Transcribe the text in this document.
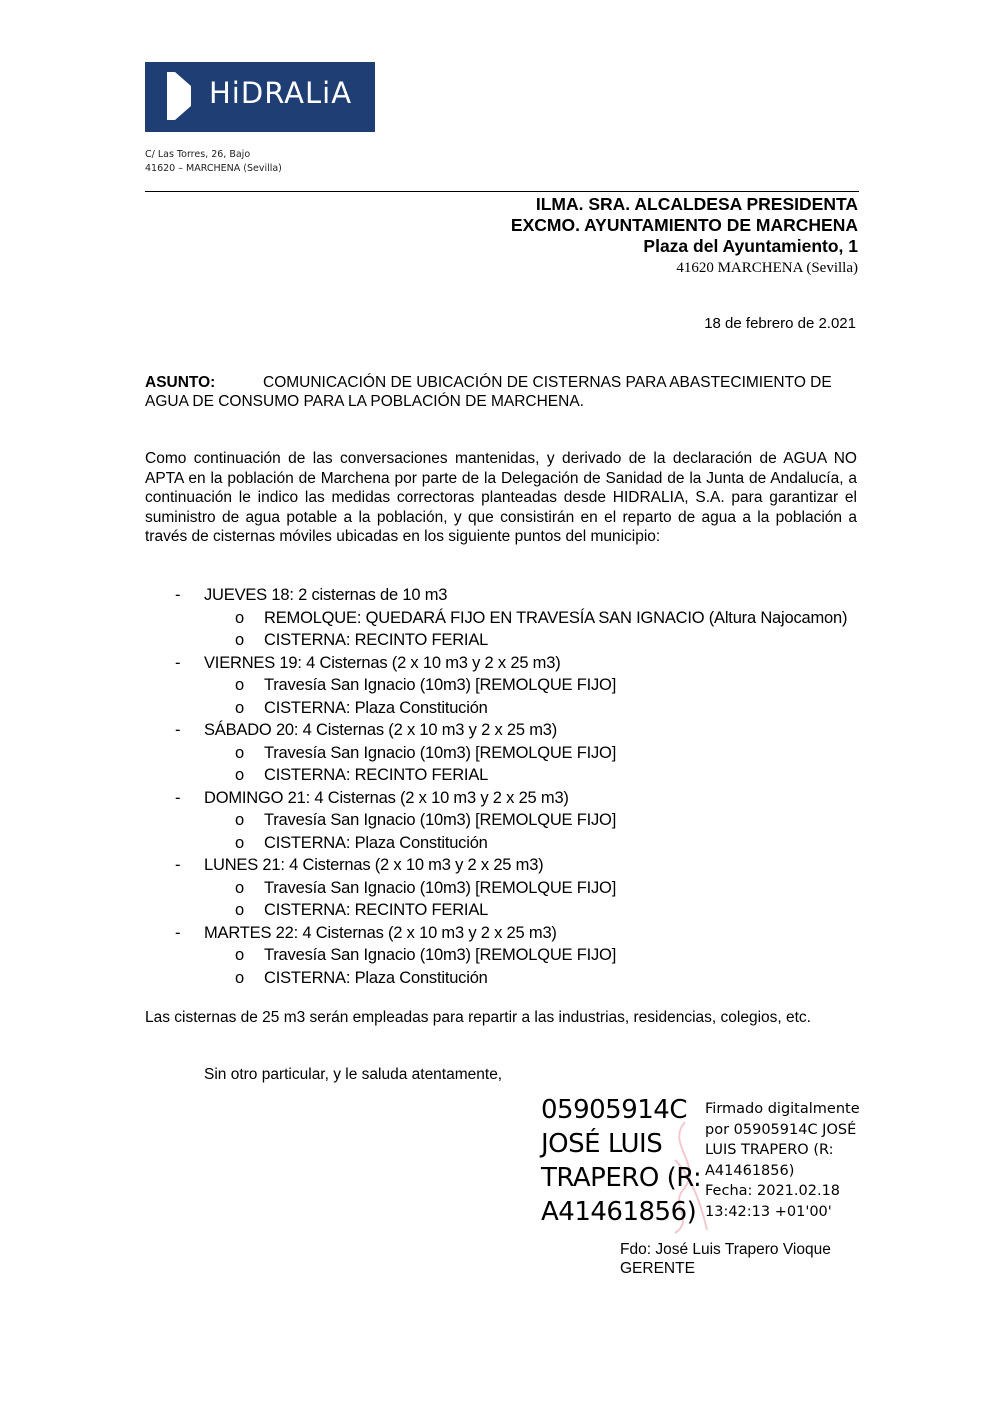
HiDRALiA
C/ Las Torres, 26, Bajo
41620 – MARCHENA (Sevilla)
ILMA. SRA. ALCALDESA PRESIDENTA
EXCMO. AYUNTAMIENTO DE MARCHENA
Plaza del Ayuntamiento, 1
41620 MARCHENA (Sevilla)
18 de febrero de 2.021
ASUNTO:	COMUNICACIÓN DE UBICACIÓN DE CISTERNAS PARA ABASTECIMIENTO DE AGUA DE CONSUMO PARA LA POBLACIÓN DE MARCHENA.
Como continuación de las conversaciones mantenidas, y derivado de la declaración de AGUA NO APTA en la población de Marchena por parte de la Delegación de Sanidad de la Junta de Andalucía, a continuación le indico las medidas correctoras planteadas desde HIDRALIA, S.A. para garantizar el suministro de agua potable a la población, y que consistirán en el reparto de agua a la población a través de cisternas móviles ubicadas en los siguiente puntos del municipio:
- JUEVES 18: 2 cisternas de 10 m3
o REMOLQUE: QUEDARÁ FIJO EN TRAVESÍA SAN IGNACIO (Altura Najocamon)
o CISTERNA: RECINTO FERIAL
- VIERNES 19: 4 Cisternas (2 x 10 m3 y 2 x 25 m3)
o Travesía San Ignacio (10m3) [REMOLQUE FIJO]
o CISTERNA: Plaza Constitución
- SÁBADO 20: 4 Cisternas (2 x 10 m3 y 2 x 25 m3)
o Travesía San Ignacio (10m3) [REMOLQUE FIJO]
o CISTERNA: RECINTO FERIAL
- DOMINGO 21: 4 Cisternas (2 x 10 m3 y 2 x 25 m3)
o Travesía San Ignacio (10m3) [REMOLQUE FIJO]
o CISTERNA: Plaza Constitución
- LUNES 21: 4 Cisternas (2 x 10 m3 y 2 x 25 m3)
o Travesía San Ignacio (10m3) [REMOLQUE FIJO]
o CISTERNA: RECINTO FERIAL
- MARTES 22: 4 Cisternas (2 x 10 m3 y 2 x 25 m3)
o Travesía San Ignacio (10m3) [REMOLQUE FIJO]
o CISTERNA: Plaza Constitución
Las cisternas de 25 m3 serán empleadas para repartir a las industrias, residencias, colegios, etc.
Sin otro particular, y le saluda atentamente,
05905914C
JOSÉ LUIS
TRAPERO (R:
A41461856)
Firmado digitalmente
por 05905914C JOSÉ
LUIS TRAPERO (R:
A41461856)
Fecha: 2021.02.18
13:42:13 +01'00'
Fdo: José Luis Trapero Vioque
GERENTE
